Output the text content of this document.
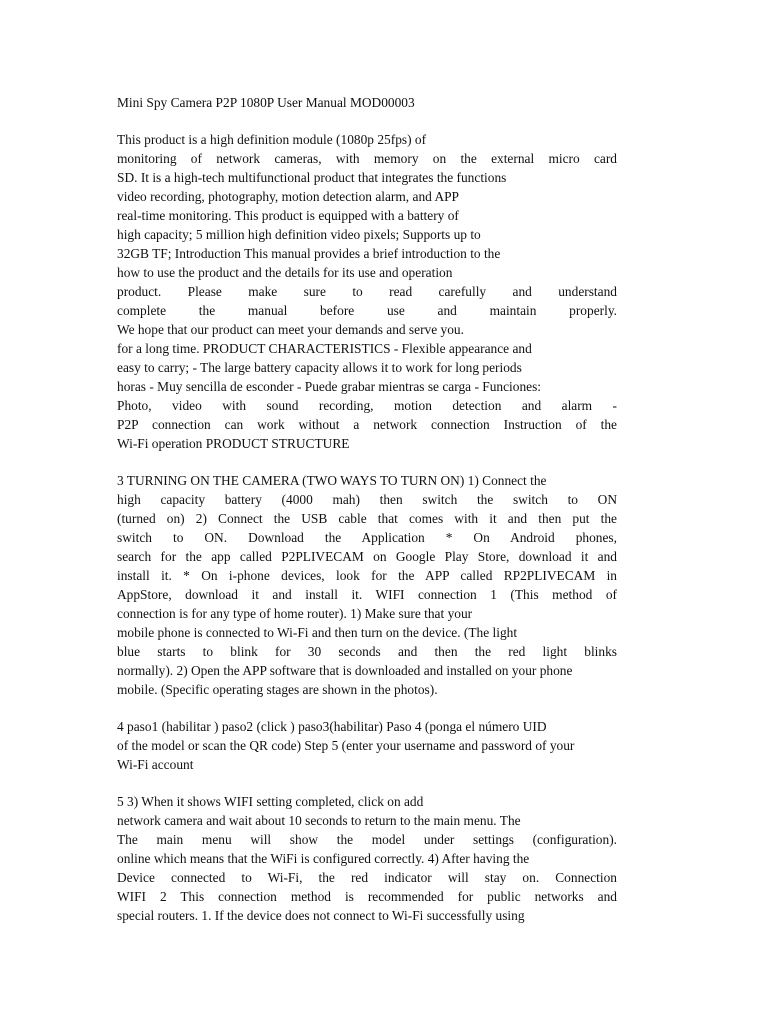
Mini Spy Camera P2P 1080P User Manual MOD00003
This product is a high definition module (1080p 25fps) of
monitoring of network cameras, with memory on the external micro card
SD. It is a high-tech multifunctional product that integrates the functions
video recording, photography, motion detection alarm, and APP
real-time monitoring. This product is equipped with a battery of
high capacity; 5 million high definition video pixels; Supports up to
32GB TF; Introduction This manual provides a brief introduction to the
how to use the product and the details for its use and operation
product. Please make sure to read carefully and understand
complete the manual before use and maintain properly.
We hope that our product can meet your demands and serve you.
for a long time. PRODUCT CHARACTERISTICS - Flexible appearance and
easy to carry; - The large battery capacity allows it to work for long periods
horas - Muy sencilla de esconder - Puede grabar mientras se carga - Funciones:
Photo, video with sound recording, motion detection and alarm -
P2P connection can work without a network connection Instruction of the
Wi-Fi operation PRODUCT STRUCTURE
3 TURNING ON THE CAMERA (TWO WAYS TO TURN ON) 1) Connect the
high capacity battery (4000 mah) then switch the switch to ON
(turned on) 2) Connect the USB cable that comes with it and then put the
switch to ON. Download the Application * On Android phones,
search for the app called P2PLIVECAM on Google Play Store, download it and
install it. * On i-phone devices, look for the APP called RP2PLIVECAM in
AppStore, download it and install it. WIFI connection 1 (This method of
connection is for any type of home router). 1) Make sure that your
mobile phone is connected to Wi-Fi and then turn on the device. (The light
blue starts to blink for 30 seconds and then the red light blinks
normally). 2) Open the APP software that is downloaded and installed on your phone
mobile. (Specific operating stages are shown in the photos).
4 paso1 (habilitar ) paso2 (click ) paso3(habilitar) Paso 4 (ponga el número UID
of the model or scan the QR code) Step 5 (enter your username and password of your
Wi-Fi account
5 3) When it shows WIFI setting completed, click on add
network camera and wait about 10 seconds to return to the main menu. The
The main menu will show the model under settings (configuration).
online which means that the WiFi is configured correctly. 4) After having the
Device connected to Wi-Fi, the red indicator will stay on. Connection
WIFI 2 This connection method is recommended for public networks and
special routers. 1. If the device does not connect to Wi-Fi successfully using
